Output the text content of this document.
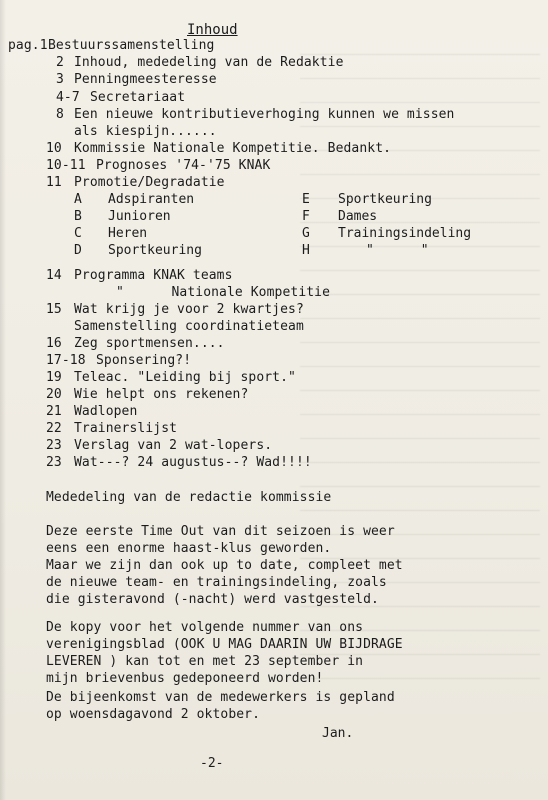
Inhoud
pag.1 Bestuurssamenstelling
2 Inhoud, mededeling van de Redaktie
3 Penningmeesteresse
4-7 Secretariaat
8 Een nieuwe kontributieverhoging kunnen we missen
als kiespijn......
10 Kommissie Nationale Kompetitie. Bedankt.
10-11 Prognoses '74-'75 KNAK
11 Promotie/Degradatie
A Adspiranten	E Sportkeuring
B Junioren	F Dames
C Heren	G Trainingsindeling
D Sportkeuring	H	"      "
14 Programma KNAK teams
"      Nationale Kompetitie
15 Wat krijg je voor 2 kwartjes?
Samenstelling coordinatieteam
16 Zeg sportmensen....
17-18 Sponsering?!
19 Teleac. "Leiding bij sport."
20 Wie helpt ons rekenen?
21 Wadlopen
22 Trainerslijst
23 Verslag van 2 wat-lopers.
23 Wat---? 24 augustus--? Wad!!!!
Mededeling van de redactie kommissie
Deze eerste Time Out van dit seizoen is weer
eens een enorme haast-klus geworden.
Maar we zijn dan ook up to date, compleet met
de nieuwe team- en trainingsindeling, zoals
die gisteravond (-nacht) werd vastgesteld.
De kopy voor het volgende nummer van ons
verenigingsblad (OOK U MAG DAARIN UW BIJDRAGE
LEVEREN ) kan tot en met 23 september in
mijn brievenbus gedeponeerd worden!
De bijeenkomst van de medewerkers is gepland
op woensdagavond 2 oktober.
Jan.
-2-
